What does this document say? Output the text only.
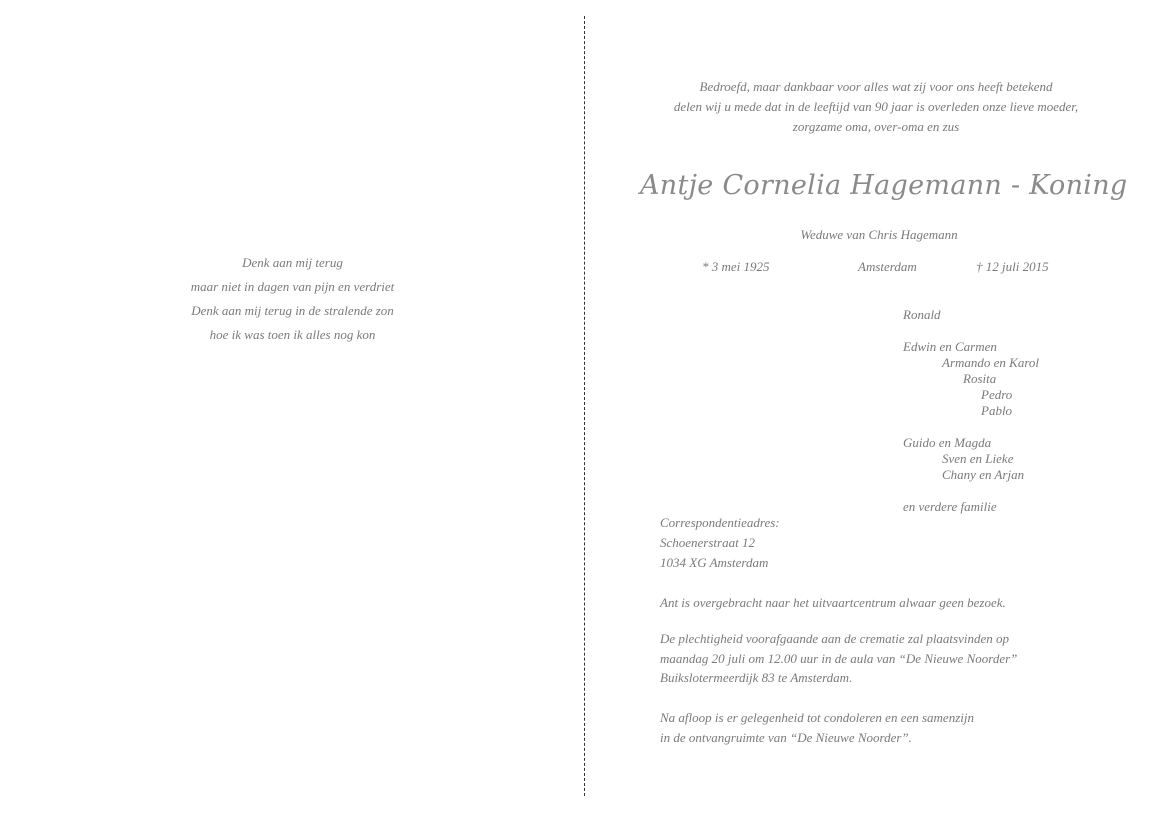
Denk aan mij terug
maar niet in dagen van pijn en verdriet
Denk aan mij terug in de stralende zon
hoe ik was toen ik alles nog kon
Bedroefd, maar dankbaar voor alles wat zij voor ons heeft betekend
delen wij u mede dat in de leeftijd van 90 jaar is overleden onze lieve moeder,
zorgzame oma, over-oma en zus
Antje Cornelia Hagemann - Koning
Weduwe van Chris Hagemann
* 3 mei 1925	Amsterdam	† 12 juli 2015
Ronald
Edwin en Carmen
Armando en Karol
Rosita
Pedro
Pablo
Guido en Magda
Sven en Lieke
Chany en Arjan
en verdere familie
Correspondentieadres:
Schoenerstraat 12
1034 XG Amsterdam
Ant is overgebracht naar het uitvaartcentrum alwaar geen bezoek.
De plechtigheid voorafgaande aan de crematie zal plaatsvinden op
maandag 20 juli om 12.00 uur in de aula van “De Nieuwe Noorder”
Buikslotermeerdijk 83 te Amsterdam.
Na afloop is er gelegenheid tot condoleren en een samenzijn
in de ontvangruimte van “De Nieuwe Noorder”.
